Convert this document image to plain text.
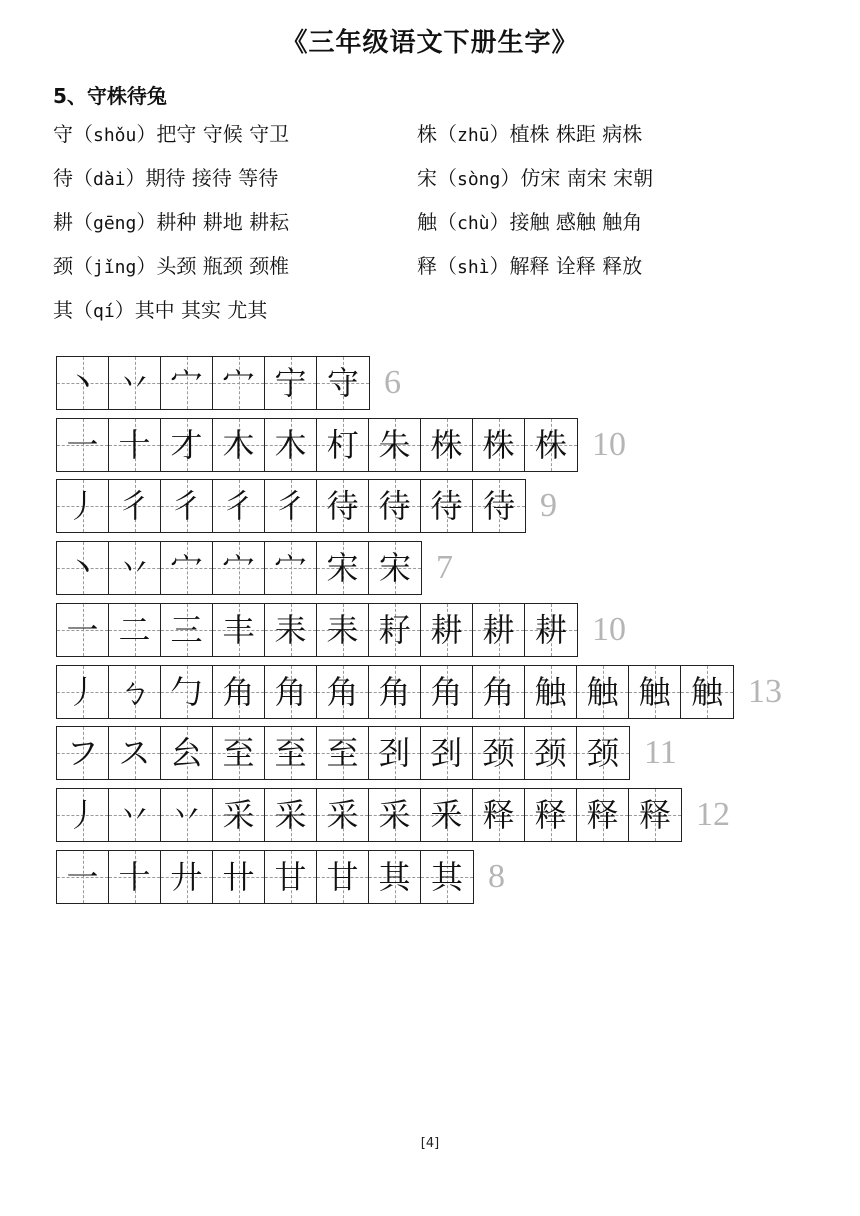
《三年级语文下册生字》
5、守株待兔
守（shǒu）把守 守候 守卫	株（zhū）植株 株距 病株
待（dài）期待 接待 等待	宋（sòng）仿宋 南宋 宋朝
耕（gēng）耕种 耕地 耕耘	触（chù）接触 感触 触角
颈（jǐng）头颈 瓶颈 颈椎	释（shì）解释 诠释 释放
其（qí）其中 其实 尤其
丶 丷 宀 宀 宁 守 6
一 十 才 木 木 朾 朱 株 株 株 10
丿 彳 彳 彳 彳 待 待 待 待 9
丶 丷 宀 宀 宀 宋 宋 7
一 二 三 丰 耒 耒 耔 耕 耕 耕 10
丿 ㄅ 勹 角 角 角 角 角 角 触 触 触 触 13
フ ス 㕕 至 至 至 刭 刭 颈 颈 颈 11
丿 丷 丷 采 采 采 采 釆 释 释 释 释 12
一 十 廾 卄 甘 甘 其 其 8
[4]
